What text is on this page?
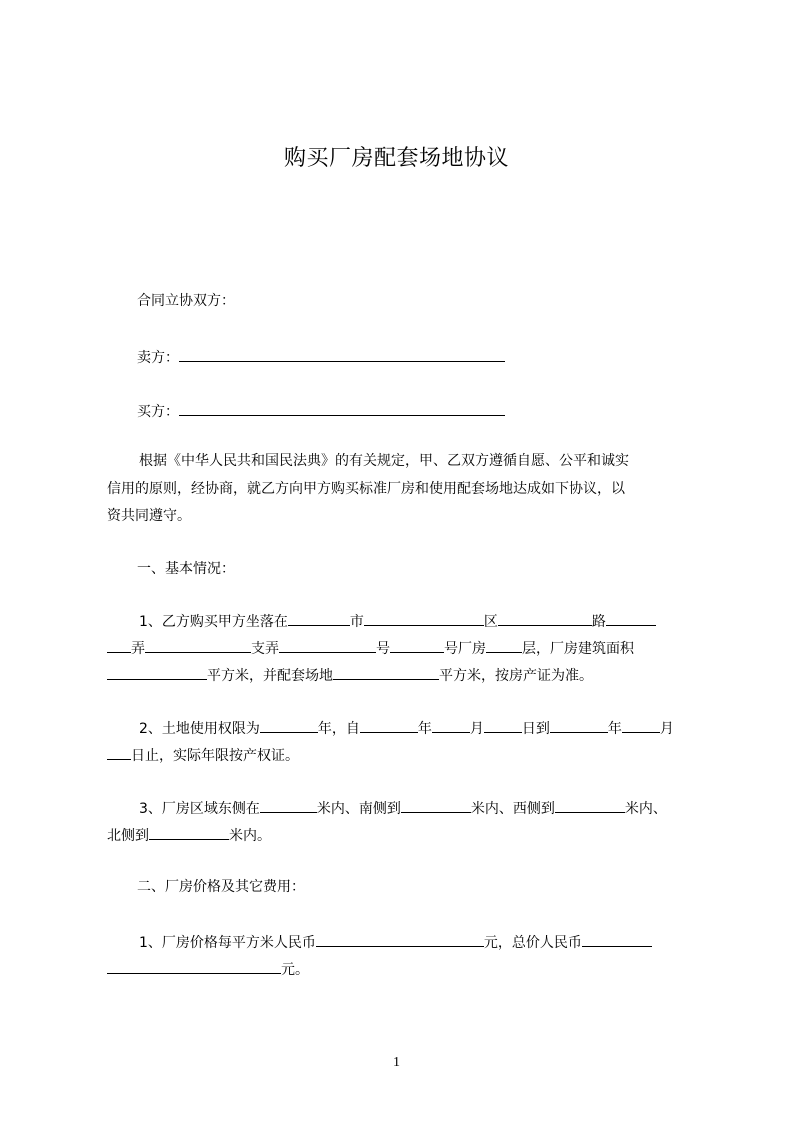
购买厂房配套场地协议
合同立协双方：
卖方：
买方：
根据《中华人民共和国民法典》的有关规定，甲、乙双方遵循自愿、公平和诚实
信用的原则，经协商，就乙方向甲方购买标准厂房和使用配套场地达成如下协议，以
资共同遵守。
一、基本情况：
1、乙方购买甲方坐落在	市	区	路
弄	支弄	号	号厂房	层，厂房建筑面积
平方米，并配套场地	平方米，按房产证为准。
2、土地使用权限为	年，自	年	月	日到	年	月
日止，实际年限按产权证。
3、厂房区域东侧在	米内、南侧到	米内、西侧到	米内、
北侧到	米内。
二、厂房价格及其它费用：
1、厂房价格每平方米人民币	元，总价人民币
元。
1
